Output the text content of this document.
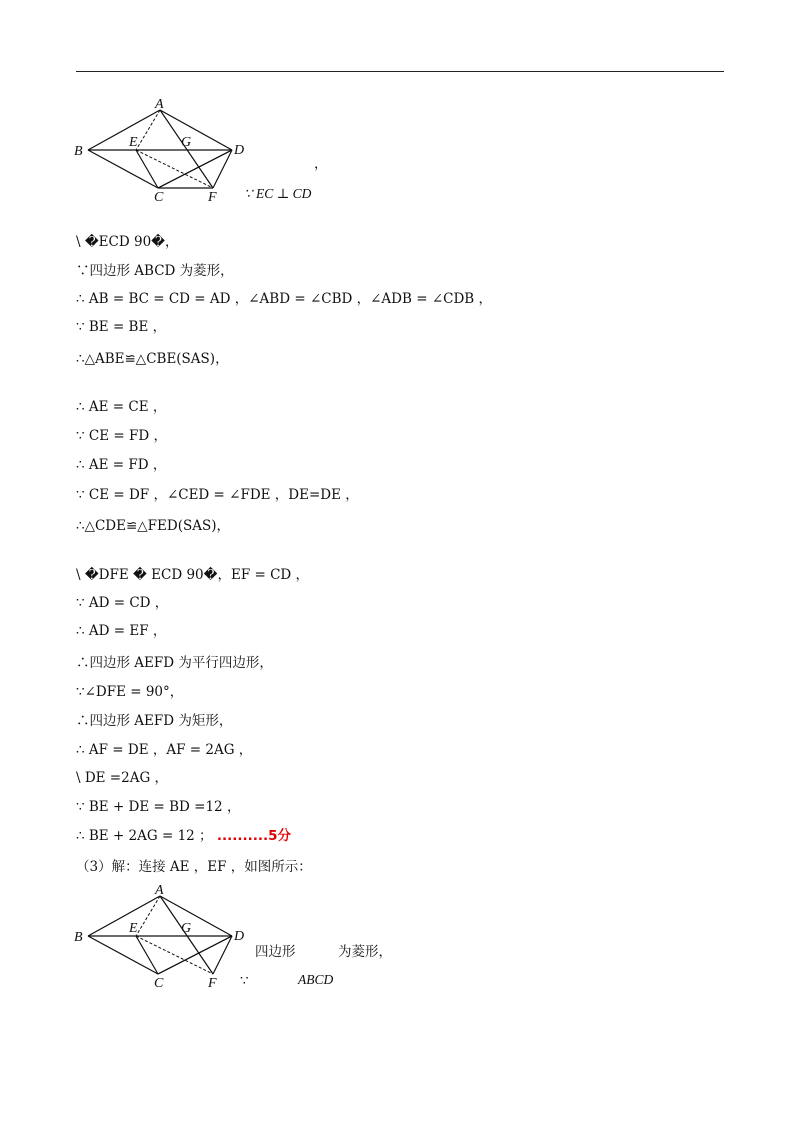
A
B
C
D
E
F
G
，
∵ EC ⊥ CD
\ �ECD 90�，
∵四边形 ABCD 为菱形，
∴ AB = BC = CD = AD ，∠ABD = ∠CBD ，∠ADB = ∠CDB ，
∵ BE = BE ，
∴△ABE≌△CBE(SAS)，
∴ AE = CE ，
∵ CE = FD ，
∴ AE = FD ，
∵ CE = DF ，∠CED = ∠FDE ，DE=DE ，
∴△CDE≌△FED(SAS)，
\ �DFE � ECD 90�，EF = CD ，
∵ AD = CD ，
∴ AD = EF ，
∴四边形 AEFD 为平行四边形，
∵∠DFE = 90°，
∴四边形 AEFD 为矩形，
∴ AF = DE ，AF = 2AG ，
\ DE =2AG ，
∵ BE + DE = BD =12 ，
∴ BE + 2AG = 12 ； ..........5分
（3）解：连接 AE ，EF ，如图所示：
A
B
C
D
E
F
G
四边形	为菱形，
∵	ABCD
